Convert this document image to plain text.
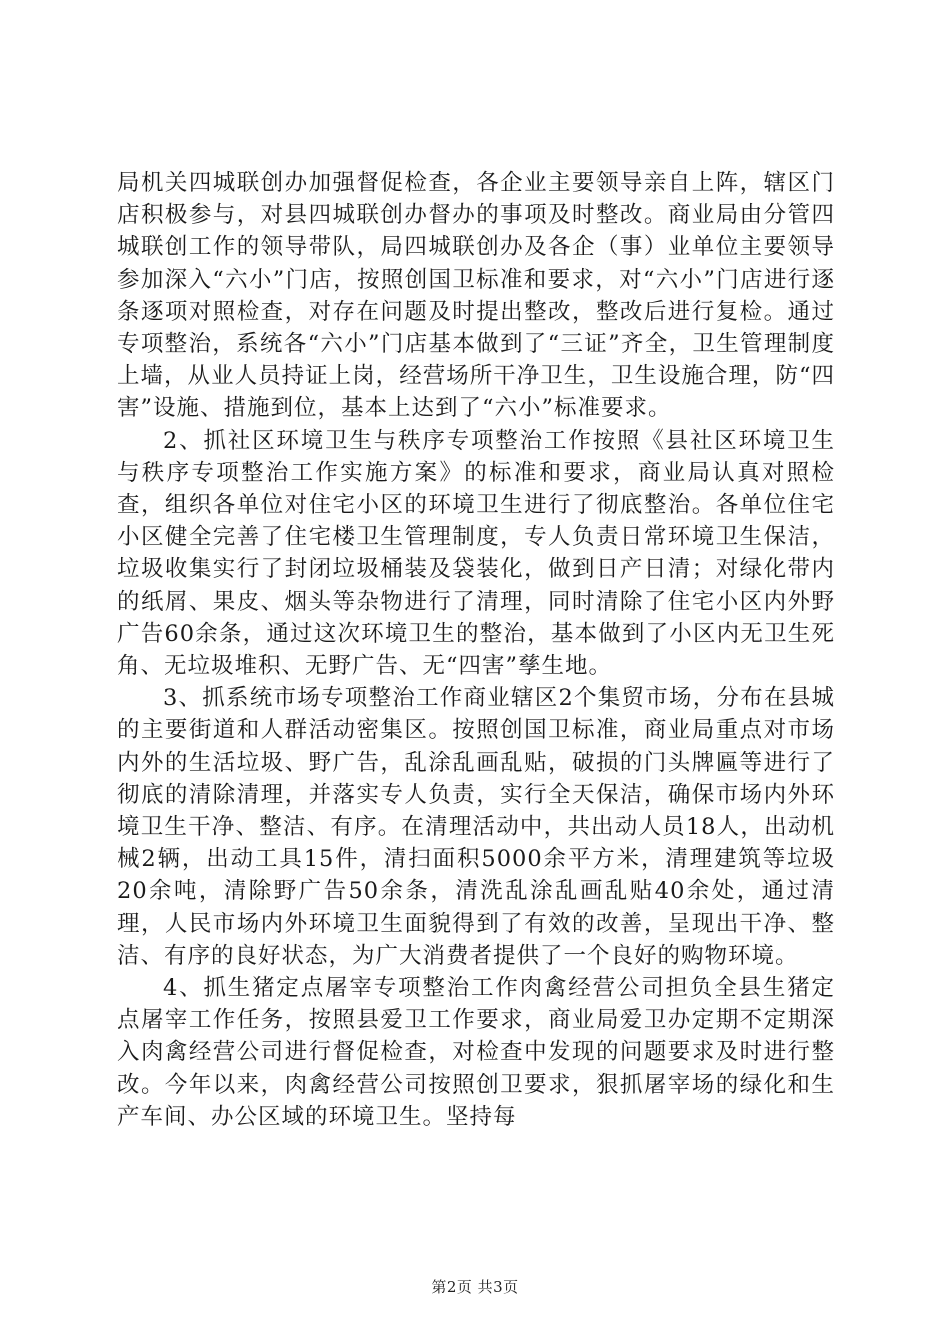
局机关四城联创办加强督促检查，各企业主要领导亲自上阵，辖区门店积极参与，对县四城联创办督办的事项及时整改。商业局由分管四城联创工作的领导带队，局四城联创办及各企（事）业单位主要领导参加深入“六小”门店，按照创国卫标准和要求，对“六小”门店进行逐条逐项对照检查，对存在问题及时提出整改，整改后进行复检。通过专项整治，系统各“六小”门店基本做到了“三证”齐全，卫生管理制度上墙，从业人员持证上岗，经营场所干净卫生，卫生设施合理，防“四害”设施、措施到位，基本上达到了“六小”标准要求。

2、抓社区环境卫生与秩序专项整治工作按照《县社区环境卫生与秩序专项整治工作实施方案》的标准和要求，商业局认真对照检查，组织各单位对住宅小区的环境卫生进行了彻底整治。各单位住宅小区健全完善了住宅楼卫生管理制度，专人负责日常环境卫生保洁，垃圾收集实行了封闭垃圾桶装及袋装化，做到日产日清；对绿化带内的纸屑、果皮、烟头等杂物进行了清理，同时清除了住宅小区内外野广告60余条，通过这次环境卫生的整治，基本做到了小区内无卫生死角、无垃圾堆积、无野广告、无“四害”孳生地。

3、抓系统市场专项整治工作商业辖区2个集贸市场，分布在县城的主要街道和人群活动密集区。按照创国卫标准，商业局重点对市场内外的生活垃圾、野广告，乱涂乱画乱贴，破损的门头牌匾等进行了彻底的清除清理，并落实专人负责，实行全天保洁，确保市场内外环境卫生干净、整洁、有序。在清理活动中，共出动人员18人，出动机械2辆，出动工具15件，清扫面积5000余平方米，清理建筑等垃圾20余吨，清除野广告50余条，清洗乱涂乱画乱贴40余处，通过清理，人民市场内外环境卫生面貌得到了有效的改善，呈现出干净、整洁、有序的良好状态，为广大消费者提供了一个良好的购物环境。

4、抓生猪定点屠宰专项整治工作肉禽经营公司担负全县生猪定点屠宰工作任务，按照县爱卫工作要求，商业局爱卫办定期不定期深入肉禽经营公司进行督促检查，对检查中发现的问题要求及时进行整改。今年以来，肉禽经营公司按照创卫要求，狠抓屠宰场的绿化和生产车间、办公区域的环境卫生。坚持每

第2页 共3页
